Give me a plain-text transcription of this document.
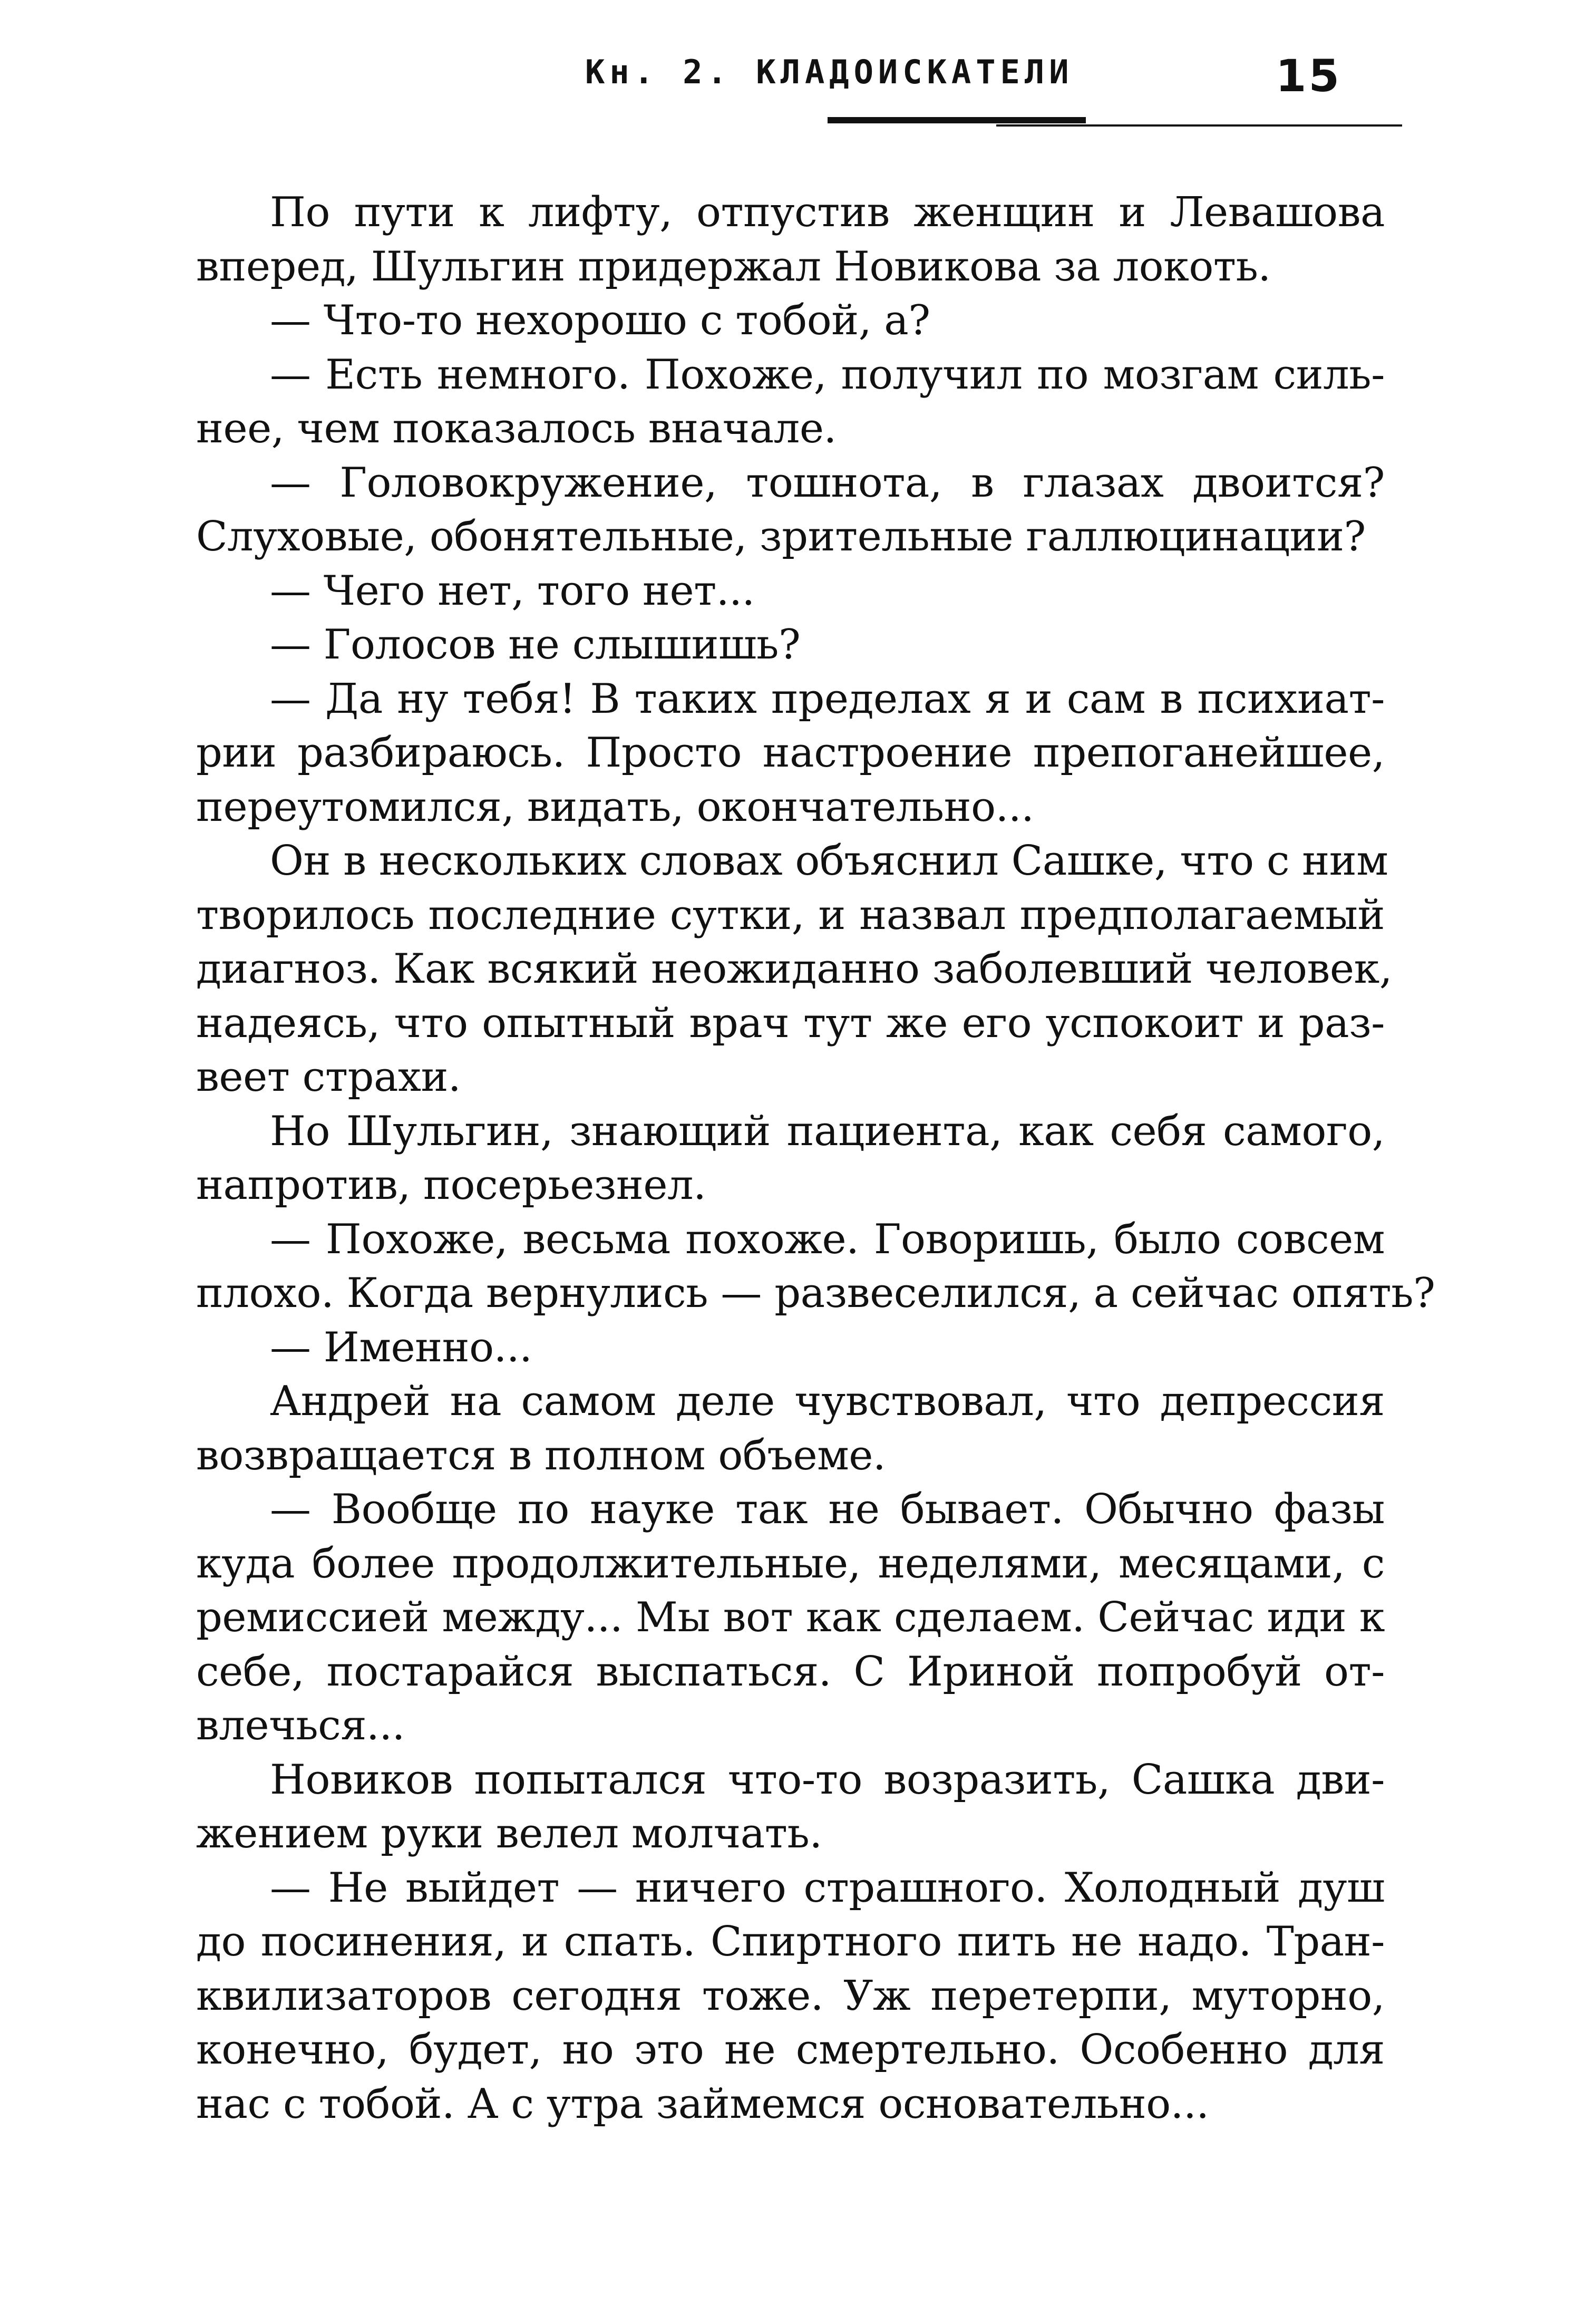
Кн. 2. КЛАДОИСКАТЕЛИ	15
По пути к лифту, отпустив женщин и Левашова
вперед, Шульгин придержал Новикова за локоть.
— Что-то нехорошо с тобой, а?
— Есть немного. Похоже, получил по мозгам силь-
нее, чем показалось вначале.
— Головокружение, тошнота, в глазах двоится?
Слуховые, обонятельные, зрительные галлюцинации?
— Чего нет, того нет...
— Голосов не слышишь?
— Да ну тебя! В таких пределах я и сам в психиат-
рии разбираюсь. Просто настроение препоганейшее,
переутомился, видать, окончательно...
Он в нескольких словах объяснил Сашке, что с ним
творилось последние сутки, и назвал предполагаемый
диагноз. Как всякий неожиданно заболевший человек,
надеясь, что опытный врач тут же его успокоит и раз-
веет страхи.
Но Шульгин, знающий пациента, как себя самого,
напротив, посерьезнел.
— Похоже, весьма похоже. Говоришь, было совсем
плохо. Когда вернулись — развеселился, а сейчас опять?
— Именно...
Андрей на самом деле чувствовал, что депрессия
возвращается в полном объеме.
— Вообще по науке так не бывает. Обычно фазы
куда более продолжительные, неделями, месяцами, с
ремиссией между... Мы вот как сделаем. Сейчас иди к
себе, постарайся выспаться. С Ириной попробуй от-
влечься...
Новиков попытался что-то возразить, Сашка дви-
жением руки велел молчать.
— Не выйдет — ничего страшного. Холодный душ
до посинения, и спать. Спиртного пить не надо. Тран-
квилизаторов сегодня тоже. Уж перетерпи, муторно,
конечно, будет, но это не смертельно. Особенно для
нас с тобой. А с утра займемся основательно...
